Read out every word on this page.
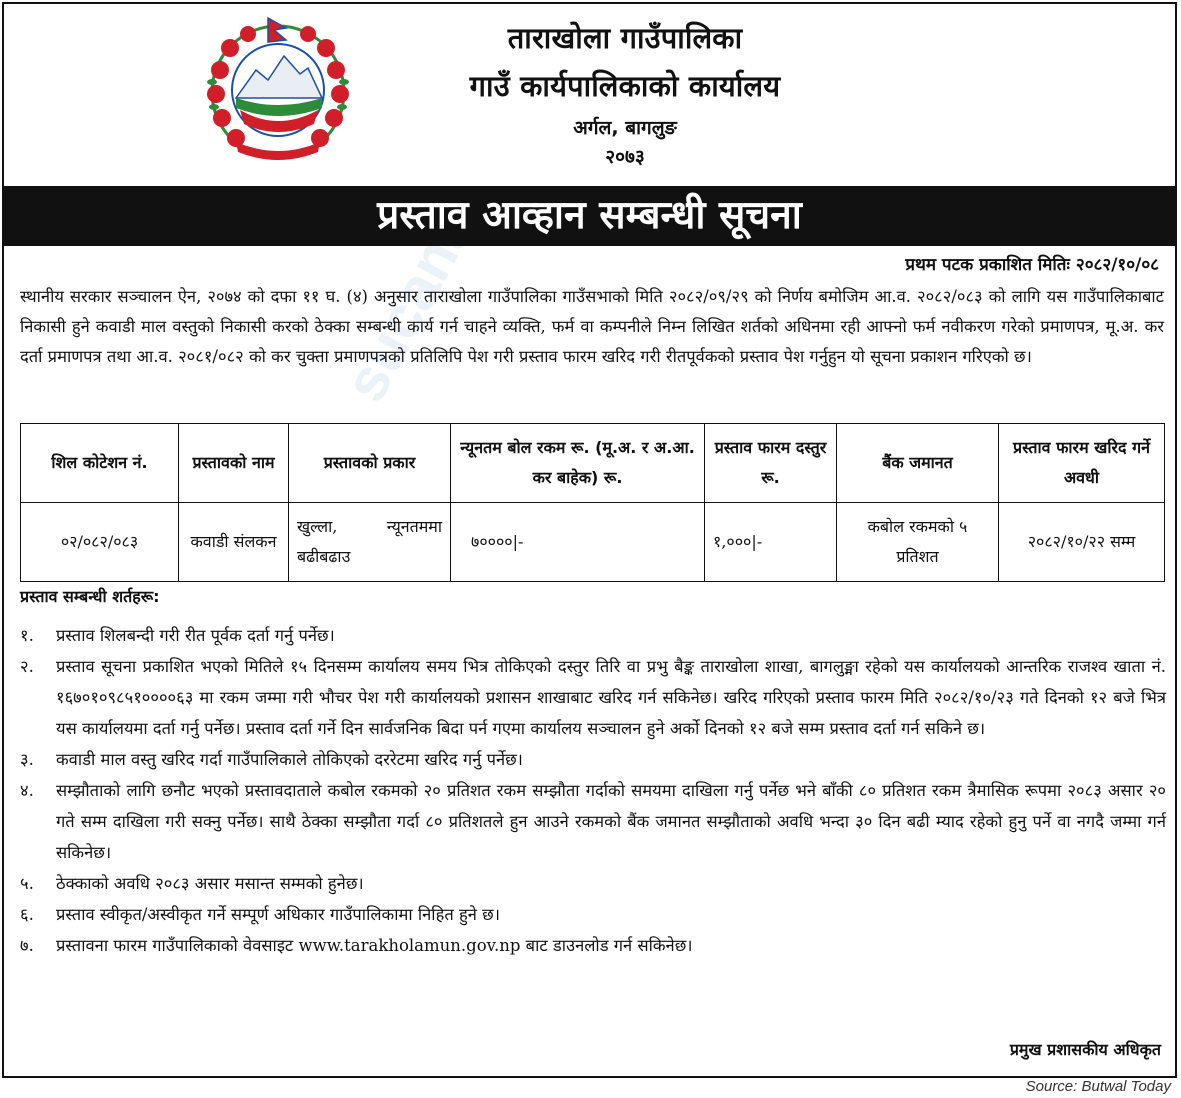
sucana
ताराखोला गाउँपालिका
गाउँ कार्यपालिकाको कार्यालय
अर्गल, बागलुङ
२०७३
प्रस्ताव आव्हान सम्बन्धी सूचना
प्रथम पटक प्रकाशित मितिः २०८२/१०/०८

स्थानीय सरकार सञ्चालन ऐन, २०७४ को दफा ११ घ. (४) अनुसार ताराखोला गाउँपालिका गाउँसभाको मिति २०८२/०९/२९ को निर्णय बमोजिम आ.व. २०८२/०८३ को लागि यस गाउँपालिकाबाट निकासी हुने कवाडी माल वस्तुको निकासी करको ठेक्का सम्बन्धी कार्य गर्न चाहने व्यक्ति, फर्म वा कम्पनीले निम्न लिखित शर्तको अधिनमा रही आफ्नो फर्म नवीकरण गरेको प्रमाणपत्र, मू.अ. कर दर्ता प्रमाणपत्र तथा आ.व. २०८१/०८२ को कर चुक्ता प्रमाणपत्रको प्रतिलिपि पेश गरी प्रस्ताव फारम खरिद गरी रीतपूर्वकको प्रस्ताव पेश गर्नुहुन यो सूचना प्रकाशन गरिएको छ।

शिल कोटेशन नं.	प्रस्तावको नाम	प्रस्तावको प्रकार	न्यूनतम बोल रकम रू. (मू.अ. र अ.आ. कर बाहेक) रू.	प्रस्ताव फारम दस्तुर रू.	बैंक जमानत	प्रस्ताव फारम खरिद गर्ने अवधी
०२/०८२/०८३	कवाडी संलकन	खुल्ला, न्यूनतममा बढीबढाउ	७००००|-	१,०००|-	कबोल रकमको ५ प्रतिशत	२०८२/१०/२२ सम्म
प्रस्ताव सम्बन्धी शर्तहरू:
१.	प्रस्ताव शिलबन्दी गरी रीत पूर्वक दर्ता गर्नु पर्नेछ।
२.	प्रस्ताव सूचना प्रकाशित भएको मितिले १५ दिनसम्म कार्यालय समय भित्र तोकिएको दस्तुर तिरि वा प्रभु बैङ्क ताराखोला शाखा, बागलुङ्मा रहेको यस कार्यालयको आन्तरिक राजश्व खाता नं. १६७०१०९८५१००००६३ मा रकम जम्मा गरी भौचर पेश गरी कार्यालयको प्रशासन शाखाबाट खरिद गर्न सकिनेछ। खरिद गरिएको प्रस्ताव फारम मिति २०८२/१०/२३ गते दिनको १२ बजे भित्र यस कार्यालयमा दर्ता गर्नु पर्नेछ। प्रस्ताव दर्ता गर्ने दिन सार्वजनिक बिदा पर्न गएमा कार्यालय सञ्चालन हुने अर्को दिनको १२ बजे सम्म प्रस्ताव दर्ता गर्न सकिने छ।
३.	कवाडी माल वस्तु खरिद गर्दा गाउँपालिकाले तोकिएको दररेटमा खरिद गर्नु पर्नेछ।
४.	सम्झौताको लागि छनौट भएको प्रस्तावदाताले कबोल रकमको २० प्रतिशत रकम सम्झौता गर्दाको समयमा दाखिला गर्नु पर्नेछ भने बाँकी ८० प्रतिशत रकम त्रैमासिक रूपमा २०८३ असार २० गते सम्म दाखिला गरी सक्नु पर्नेछ। साथै ठेक्का सम्झौता गर्दा ८० प्रतिशतले हुन आउने रकमको बैंक जमानत सम्झौताको अवधि भन्दा ३० दिन बढी म्याद रहेको हुनु पर्ने वा नगदै जम्मा गर्न सकिनेछ।
५.	ठेक्काको अवधि २०८३ असार मसान्त सम्मको हुनेछ।
६.	प्रस्ताव स्वीकृत/अस्वीकृत गर्ने सम्पूर्ण अधिकार गाउँपालिकामा निहित हुने छ।
७.	प्रस्तावना फारम गाउँपालिकाको वेवसाइट www.tarakholamun.gov.np बाट डाउनलोड गर्न सकिनेछ।
प्रमुख प्रशासकीय अधिकृत
Source: Butwal Today
